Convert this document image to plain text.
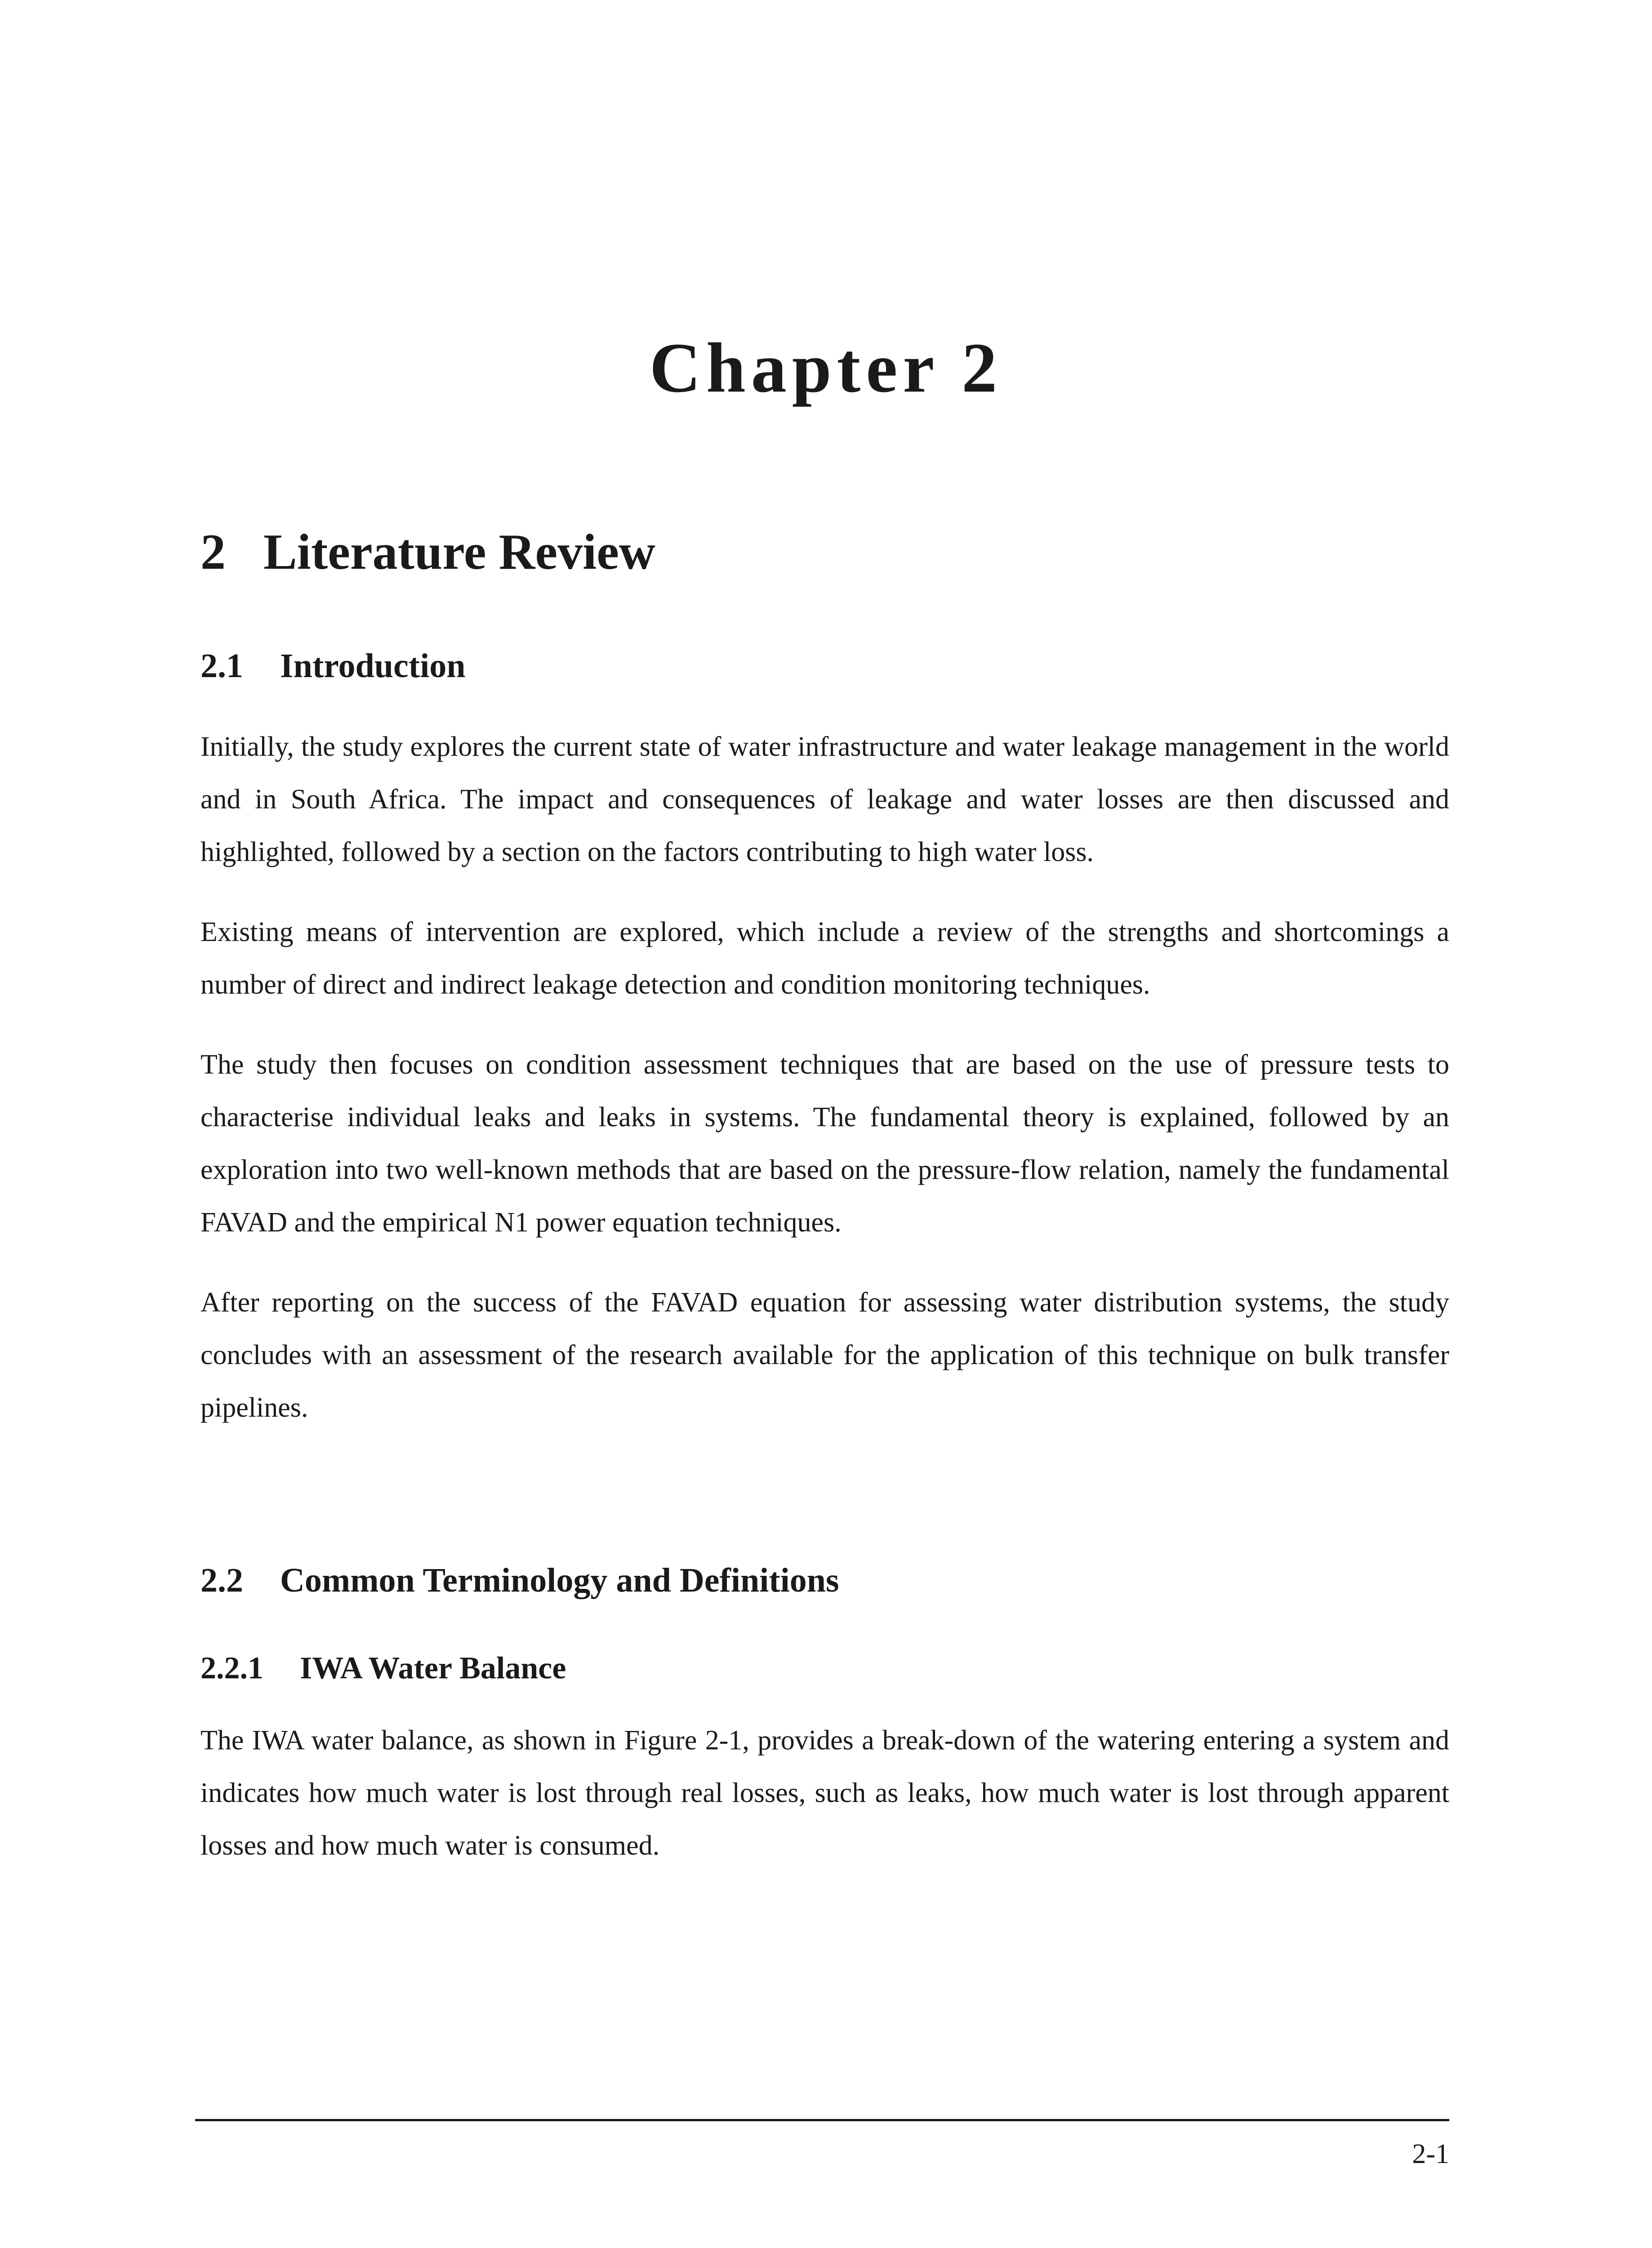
Chapter 2
2 Literature Review
2.1 Introduction

Initially, the study explores the current state of water infrastructure and water leakage management in the world and in South Africa. The impact and consequences of leakage and water losses are then discussed and highlighted, followed by a section on the factors contributing to high water loss.

Existing means of intervention are explored, which include a review of the strengths and shortcomings a number of direct and indirect leakage detection and condition monitoring techniques.

The study then focuses on condition assessment techniques that are based on the use of pressure tests to characterise individual leaks and leaks in systems. The fundamental theory is explained, followed by an exploration into two well-known methods that are based on the pressure-flow relation, namely the fundamental FAVAD and the empirical N1 power equation techniques.

After reporting on the success of the FAVAD equation for assessing water distribution systems, the study concludes with an assessment of the research available for the application of this technique on bulk transfer pipelines.

2.2 Common Terminology and Definitions
2.2.1 IWA Water Balance

The IWA water balance, as shown in Figure 2-1, provides a break-down of the watering entering a system and indicates how much water is lost through real losses, such as leaks, how much water is lost through apparent losses and how much water is consumed.

2-1
